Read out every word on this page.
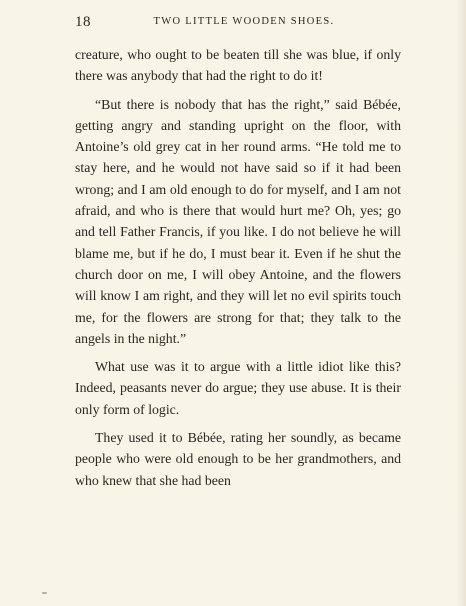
18	TWO LITTLE WOODEN SHOES.

creature, who ought to be beaten till she was blue, if only there was anybody that had the right to do it!

“But there is nobody that has the right,” said Bébée, getting angry and standing upright on the floor, with Antoine’s old grey cat in her round arms. “He told me to stay here, and he would not have said so if it had been wrong; and I am old enough to do for myself, and I am not afraid, and who is there that would hurt me? Oh, yes; go and tell Father Francis, if you like. I do not believe he will blame me, but if he do, I must bear it. Even if he shut the church door on me, I will obey Antoine, and the flowers will know I am right, and they will let no evil spirits touch me, for the flowers are strong for that; they talk to the angels in the night.”

What use was it to argue with a little idiot like this? Indeed, peasants never do argue; they use abuse. It is their only form of logic.

They used it to Bébée, rating her soundly, as became people who were old enough to be her grandmothers, and who knew that she had been
